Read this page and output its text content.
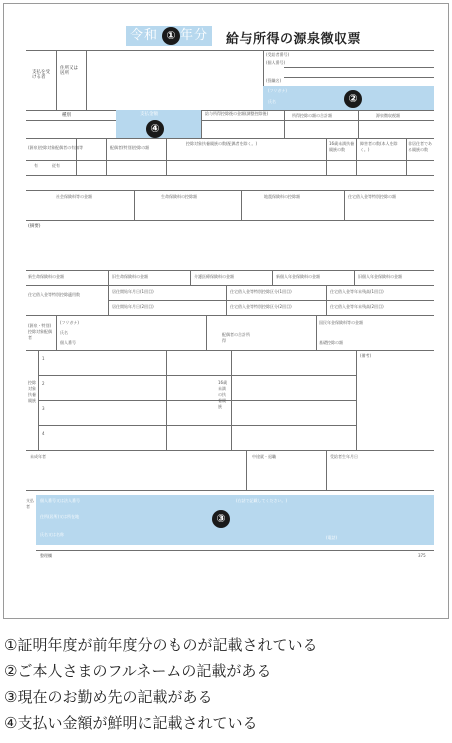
令和 年分
①	給与所得の源泉徴収票
支払を受ける者
住所又は居所
(受給者番号)
(個人番号)
(役職名)
(フリガナ)
氏名	②
種別	支払金額
④
給与所得控除後の金額(調整控除後)	所得控除の額の合計額	源泉徴収税額
(源泉)控除対象配偶者の有無等	配偶者(特別)控除の額
控除対象扶養親族の数(配偶者を除く。)	16歳未満扶養親族の数
障害者の数(本人を除く。)
非居住者である親族の数
有	従有
社会保険料等の金額	生命保険料の控除額	地震保険料の控除額	住宅借入金等特別控除の額
(摘要)
新生命保険料の金額	旧生命保険料の金額	介護医療保険料の金額	新個人年金保険料の金額	旧個人年金保険料の金額
住宅借入金等特別控除適用数
居住開始年月日(1回目)	住宅借入金等特別控除区分(1回目)	住宅借入金等年末残高(1回目)
居住開始年月日(2回目)	住宅借入金等特別控除区分(2回目)	住宅借入金等年末残高(2回目)
(源泉・特別)控除対象配偶者
(フリガナ)
氏名
個人番号
配偶者の合計所得
国民年金保険料等の金額
基礎控除の額
控除対象扶養親族
16歳未満の扶養親族
(備考)
1
2
3
4
未成年者	中途就・退職	受給者生年月日
支払者
個人番号又は法人番号
住所(居所)又は所在地
氏名又は名称
(右詰で記載してください。)
(電話)
③
整理欄	375
①証明年度が前年度分のものが記載されている
②ご本人さまのフルネームの記載がある
③現在のお勤め先の記載がある
④支払い金額が鮮明に記載されている
